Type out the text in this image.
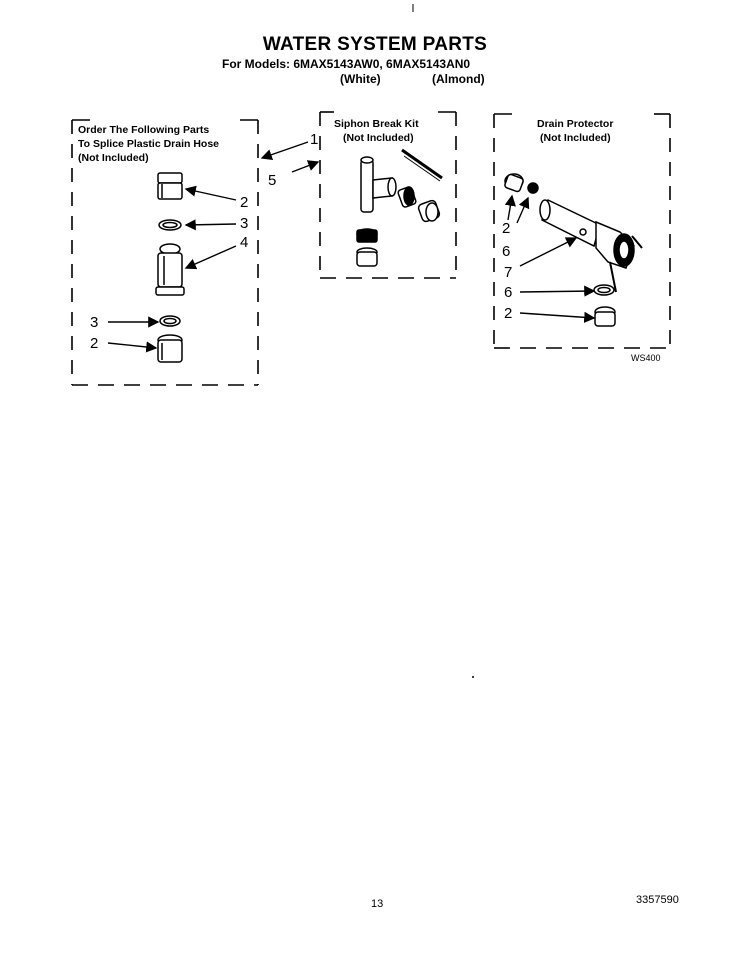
WATER SYSTEM PARTS
For Models: 6MAX5143AW0, 6MAX5143AN0
(White)	(Almond)
Order The Following Parts
To Splice Plastic Drain Hose
(Not Included)
Siphon Break Kit
(Not Included)
Drain Protector
(Not Included)
1
5
2
3
4
3
2
2
6
7
6
2
WS400
13	3357590
